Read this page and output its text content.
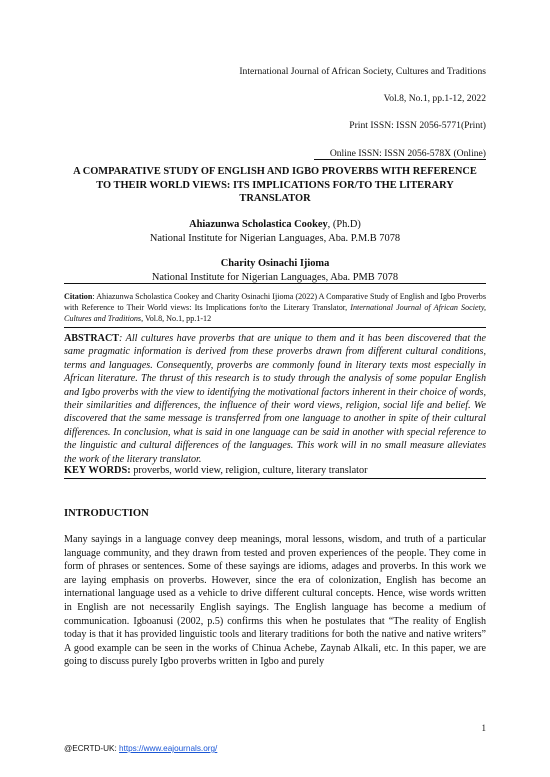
International Journal of African Society, Cultures and Traditions
Vol.8, No.1, pp.1-12, 2022
Print ISSN: ISSN 2056-5771(Print)
Online ISSN: ISSN 2056-578X (Online)
A COMPARATIVE STUDY OF ENGLISH AND IGBO PROVERBS WITH REFERENCE TO THEIR WORLD VIEWS: ITS IMPLICATIONS FOR/TO THE LITERARY TRANSLATOR
Ahiazunwa Scholastica Cookey, (Ph.D)
National Institute for Nigerian Languages, Aba. P.M.B 7078
Charity Osinachi Ijioma
National Institute for Nigerian Languages, Aba. PMB 7078
Citation: Ahiazunwa Scholastica Cookey and Charity Osinachi Ijioma (2022) A Comparative Study of English and Igbo Proverbs with Reference to Their World views: Its Implications for/to the Literary Translator, International Journal of African Society, Cultures and Traditions, Vol.8, No.1, pp.1-12
ABSTRACT: All cultures have proverbs that are unique to them and it has been discovered that the same pragmatic information is derived from these proverbs drawn from different cultural conditions, terms and languages. Consequently, proverbs are commonly found in literary texts most especially in African literature. The thrust of this research is to study through the analysis of some popular English and Igbo proverbs with the view to identifying the motivational factors inherent in their choice of words, their similarities and differences, the influence of their word views, religion, social life and belief. We discovered that the same message is transferred from one language to another in spite of their cultural differences. In conclusion, what is said in one language can be said in another with special reference to the linguistic and cultural differences of the languages. This work will in no small measure alleviates the work of the literary translator.
KEY WORDS: proverbs, world view, religion, culture, literary translator
INTRODUCTION
Many sayings in a language convey deep meanings, moral lessons, wisdom, and truth of a particular language community, and they drawn from tested and proven experiences of the people. They come in form of phrases or sentences. Some of these sayings are idioms, adages and proverbs. In this work we are laying emphasis on proverbs. However, since the era of colonization, English has become an international language used as a vehicle to drive different cultural concepts. Hence, wise words written in English are not necessarily English sayings. The English language has become a medium of communication. Igboanusi (2002, p.5) confirms this when he postulates that “The reality of English today is that it has provided linguistic tools and literary traditions for both the native and native writers” A good example can be seen in the works of Chinua Achebe, Zaynab Alkali, etc. In this paper, we are going to discuss purely Igbo proverbs written in Igbo and purely
1
@ECRTD-UK: https://www.eajournals.org/
